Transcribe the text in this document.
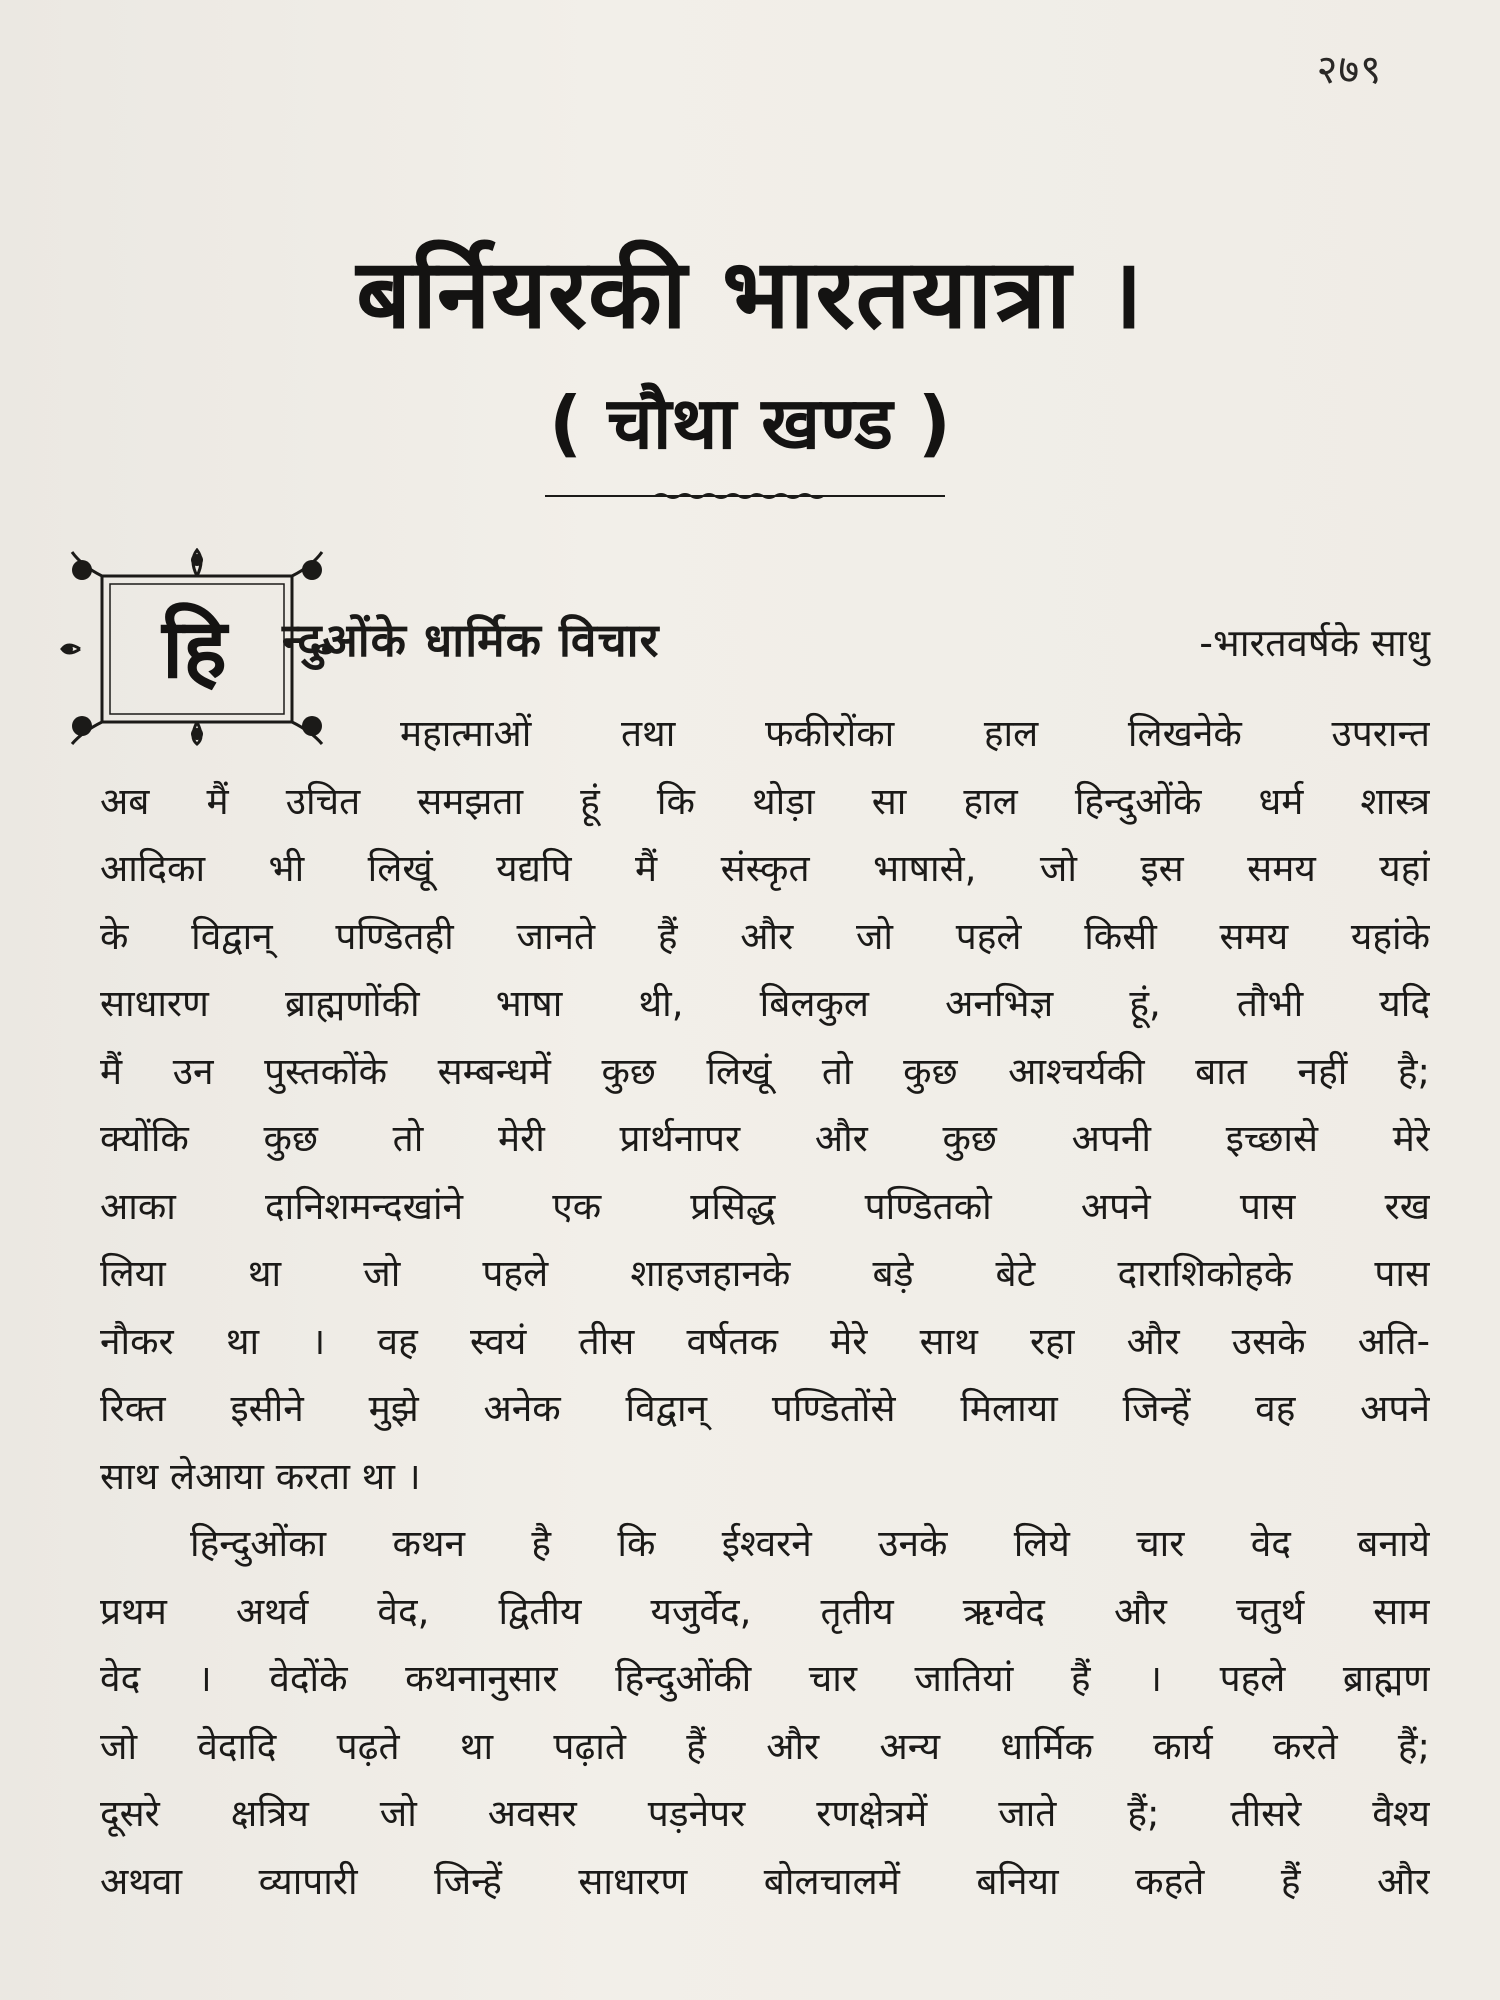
२७९
बर्नियरकी भारतयात्रा ।
( चौथा खण्ड )
हि न्दुओंके धार्मिक विचार	-भारतवर्षके साधु
महात्माओं तथा फकीरोंका हाल लिखनेके उपरान्त
अब मैं उचित समझता हूं कि थोड़ा सा हाल हिन्दुओंके धर्म शास्त्र
आदिका भी लिखूं यद्यपि मैं संस्कृत भाषासे, जो इस समय यहां
के विद्वान् पण्डितही जानते हैं और जो पहले किसी समय यहांके
साधारण ब्राह्मणोंकी भाषा थी, बिलकुल अनभिज्ञ हूं, तौभी यदि
मैं उन पुस्तकोंके सम्बन्धमें कुछ लिखूं तो कुछ आश्चर्यकी बात नहीं है;
क्योंकि कुछ तो मेरी प्रार्थनापर और कुछ अपनी इच्छासे मेरे
आका दानिशमन्दखांने एक प्रसिद्ध पण्डितको अपने पास रख
लिया था जो पहले शाहजहानके बड़े बेटे दाराशिकोहके पास
नौकर था । वह स्वयं तीस वर्षतक मेरे साथ रहा और उसके अति-
रिक्त इसीने मुझे अनेक विद्वान् पण्डितोंसे मिलाया जिन्हें वह अपने
साथ लेआया करता था ।
हिन्दुओंका कथन है कि ईश्वरने उनके लिये चार वेद बनाये
प्रथम अथर्व वेद, द्वितीय यजुर्वेद, तृतीय ऋग्वेद और चतुर्थ साम
वेद । वेदोंके कथनानुसार हिन्दुओंकी चार जातियां हैं । पहले ब्राह्मण
जो वेदादि पढ़ते था पढ़ाते हैं और अन्य धार्मिक कार्य करते हैं;
दूसरे क्षत्रिय जो अवसर पड़नेपर रणक्षेत्रमें जाते हैं; तीसरे वैश्य
अथवा व्यापारी जिन्हें साधारण बोलचालमें बनिया कहते हैं और
